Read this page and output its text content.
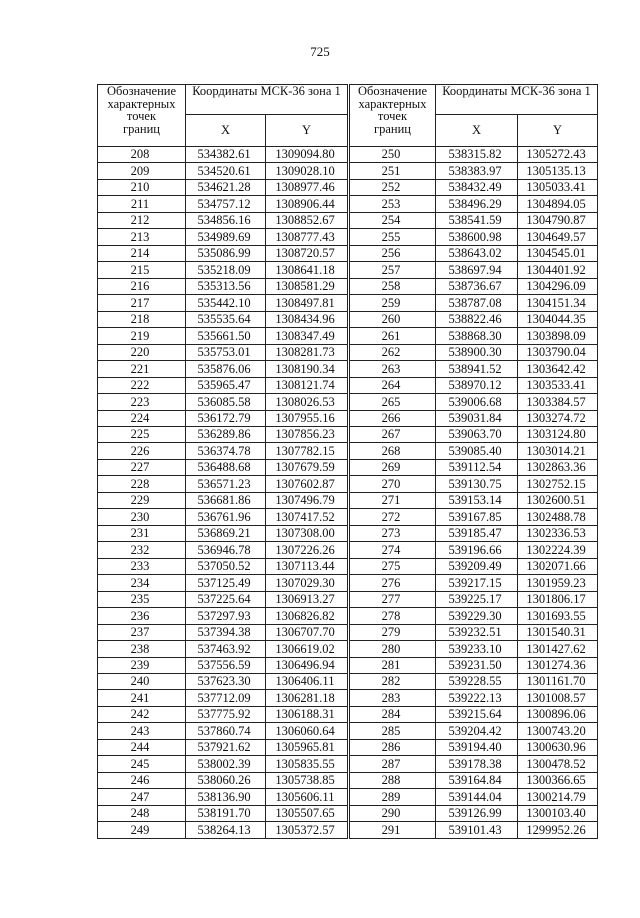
725
Обозначение
характерных
точек
границ	Координаты МСК-36 зона 1	
	X	Y
208	534382.61	1309094.80
209	534520.61	1309028.10
210	534621.28	1308977.46
211	534757.12	1308906.44
212	534856.16	1308852.67
213	534989.69	1308777.43
214	535086.99	1308720.57
215	535218.09	1308641.18
216	535313.56	1308581.29
217	535442.10	1308497.81
218	535535.64	1308434.96
219	535661.50	1308347.49
220	535753.01	1308281.73
221	535876.06	1308190.34
222	535965.47	1308121.74
223	536085.58	1308026.53
224	536172.79	1307955.16
225	536289.86	1307856.23
226	536374.78	1307782.15
227	536488.68	1307679.59
228	536571.23	1307602.87
229	536681.86	1307496.79
230	536761.96	1307417.52
231	536869.21	1307308.00
232	536946.78	1307226.26
233	537050.52	1307113.44
234	537125.49	1307029.30
235	537225.64	1306913.27
236	537297.93	1306826.82
237	537394.38	1306707.70
238	537463.92	1306619.02
239	537556.59	1306496.94
240	537623.30	1306406.11
241	537712.09	1306281.18
242	537775.92	1306188.31
243	537860.74	1306060.64
244	537921.62	1305965.81
245	538002.39	1305835.55
246	538060.26	1305738.85
247	538136.90	1305606.11
248	538191.70	1305507.65
249	538264.13	1305372.57
Обозначение
характерных
точек
границ	Координаты МСК-36 зона 1	
	X	Y
250	538315.82	1305272.43
251	538383.97	1305135.13
252	538432.49	1305033.41
253	538496.29	1304894.05
254	538541.59	1304790.87
255	538600.98	1304649.57
256	538643.02	1304545.01
257	538697.94	1304401.92
258	538736.67	1304296.09
259	538787.08	1304151.34
260	538822.46	1304044.35
261	538868.30	1303898.09
262	538900.30	1303790.04
263	538941.52	1303642.42
264	538970.12	1303533.41
265	539006.68	1303384.57
266	539031.84	1303274.72
267	539063.70	1303124.80
268	539085.40	1303014.21
269	539112.54	1302863.36
270	539130.75	1302752.15
271	539153.14	1302600.51
272	539167.85	1302488.78
273	539185.47	1302336.53
274	539196.66	1302224.39
275	539209.49	1302071.66
276	539217.15	1301959.23
277	539225.17	1301806.17
278	539229.30	1301693.55
279	539232.51	1301540.31
280	539233.10	1301427.62
281	539231.50	1301274.36
282	539228.55	1301161.70
283	539222.13	1301008.57
284	539215.64	1300896.06
285	539204.42	1300743.20
286	539194.40	1300630.96
287	539178.38	1300478.52
288	539164.84	1300366.65
289	539144.04	1300214.79
290	539126.99	1300103.40
291	539101.43	1299952.26
